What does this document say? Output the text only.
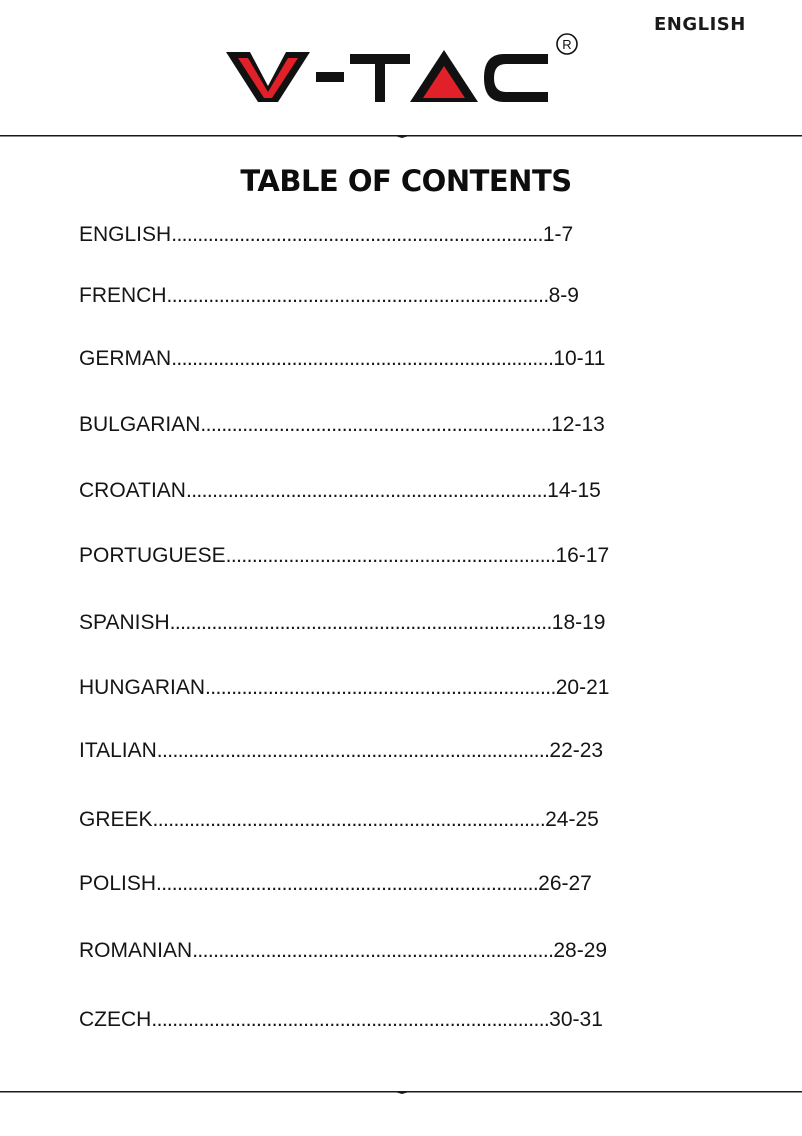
ENGLISH
R
TABLE OF CONTENTS
ENGLISH ....................................................................... 1-7
FRENCH ......................................................................... 8-9
GERMAN ......................................................................... 10-11
BULGARIAN ................................................................... 12-13
CROATIAN ..................................................................... 14-15
PORTUGUESE ............................................................... 16-17
SPANISH ......................................................................... 18-19
HUNGARIAN ................................................................... 20-21
ITALIAN ........................................................................... 22-23
GREEK ........................................................................... 24-25
POLISH ......................................................................... 26-27
ROMANIAN ..................................................................... 28-29
CZECH ............................................................................ 30-31
